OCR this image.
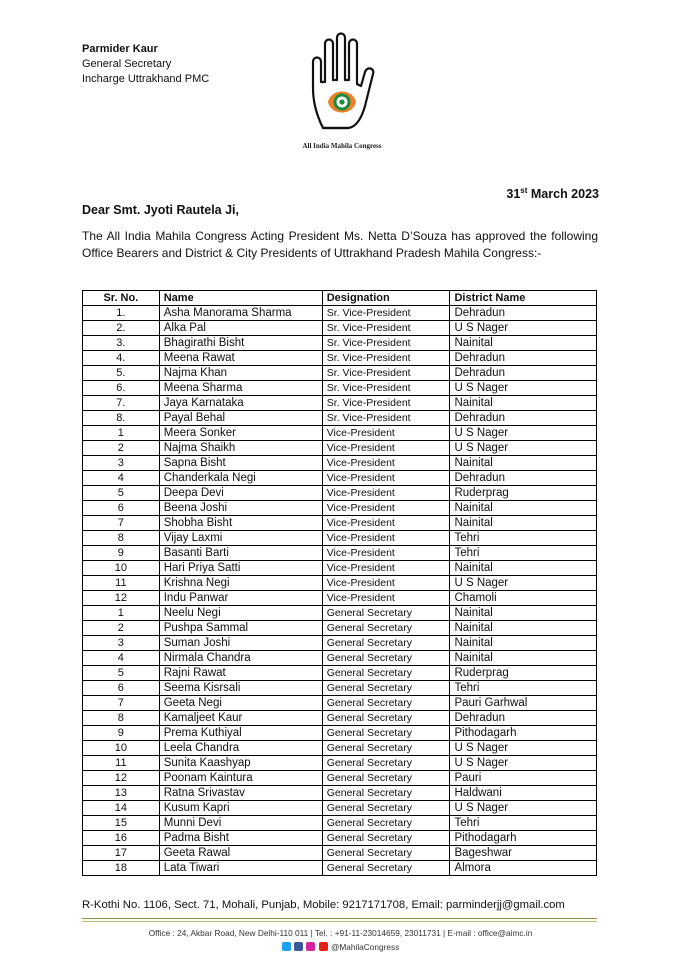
Parmider Kaur
General Secretary
Incharge Uttrakhand PMC
All India Mahila Congress
31st March 2023
Dear Smt. Jyoti Rautela Ji,
The All India Mahila Congress Acting President Ms. Netta D’Souza has approved the following Office Bearers and District & City Presidents of Uttrakhand Pradesh Mahila Congress:-
Sr. No.	Name	Designation	District Name
1.	Asha Manorama Sharma	Sr. Vice-President	Dehradun
2.	Alka Pal	Sr. Vice-President	U S Nager
3.	Bhagirathi Bisht	Sr. Vice-President	Nainital
4.	Meena Rawat	Sr. Vice-President	Dehradun
5.	Najma Khan	Sr. Vice-President	Dehradun
6.	Meena Sharma	Sr. Vice-President	U S Nager
7.	Jaya Karnataka	Sr. Vice-President	Nainital
8.	Payal Behal	Sr. Vice-President	Dehradun
1	Meera Sonker	Vice-President	U S Nager
2	Najma Shaikh	Vice-President	U S Nager
3	Sapna Bisht	Vice-President	Nainital
4	Chanderkala Negi	Vice-President	Dehradun
5	Deepa Devi	Vice-President	Ruderprag
6	Beena Joshi	Vice-President	Nainital
7	Shobha Bisht	Vice-President	Nainital
8	Vijay Laxmi	Vice-President	Tehri
9	Basanti Barti	Vice-President	Tehri
10	Hari Priya Satti	Vice-President	Nainital
11	Krishna Negi	Vice-President	U S Nager
12	Indu Panwar	Vice-President	Chamoli
1	Neelu Negi	General Secretary	Nainital
2	Pushpa Sammal	General Secretary	Nainital
3	Suman Joshi	General Secretary	Nainital
4	Nirmala Chandra	General Secretary	Nainital
5	Rajni Rawat	General Secretary	Ruderprag
6	Seema Kisrsali	General Secretary	Tehri
7	Geeta Negi	General Secretary	Pauri Garhwal
8	Kamaljeet Kaur	General Secretary	Dehradun
9	Prema Kuthiyal	General Secretary	Pithodagarh
10	Leela Chandra	General Secretary	U S Nager
11	Sunita Kaashyap	General Secretary	U S Nager
12	Poonam Kaintura	General Secretary	Pauri
13	Ratna Srivastav	General Secretary	Haldwani
14	Kusum Kapri	General Secretary	U S Nager
15	Munni Devi	General Secretary	Tehri
16	Padma Bisht	General Secretary	Pithodagarh
17	Geeta Rawal	General Secretary	Bageshwar
18	Lata Tiwari	General Secretary	Almora
R-Kothi No. 1106, Sect. 71, Mohali, Punjab, Mobile: 9217171708, Email: parminderjj@gmail.com
Office : 24, Akbar Road, New Delhi-110 011 | Tel. : +91-11-23014659, 23011731 | E-mail : office@aimc.in
@MahilaCongress
